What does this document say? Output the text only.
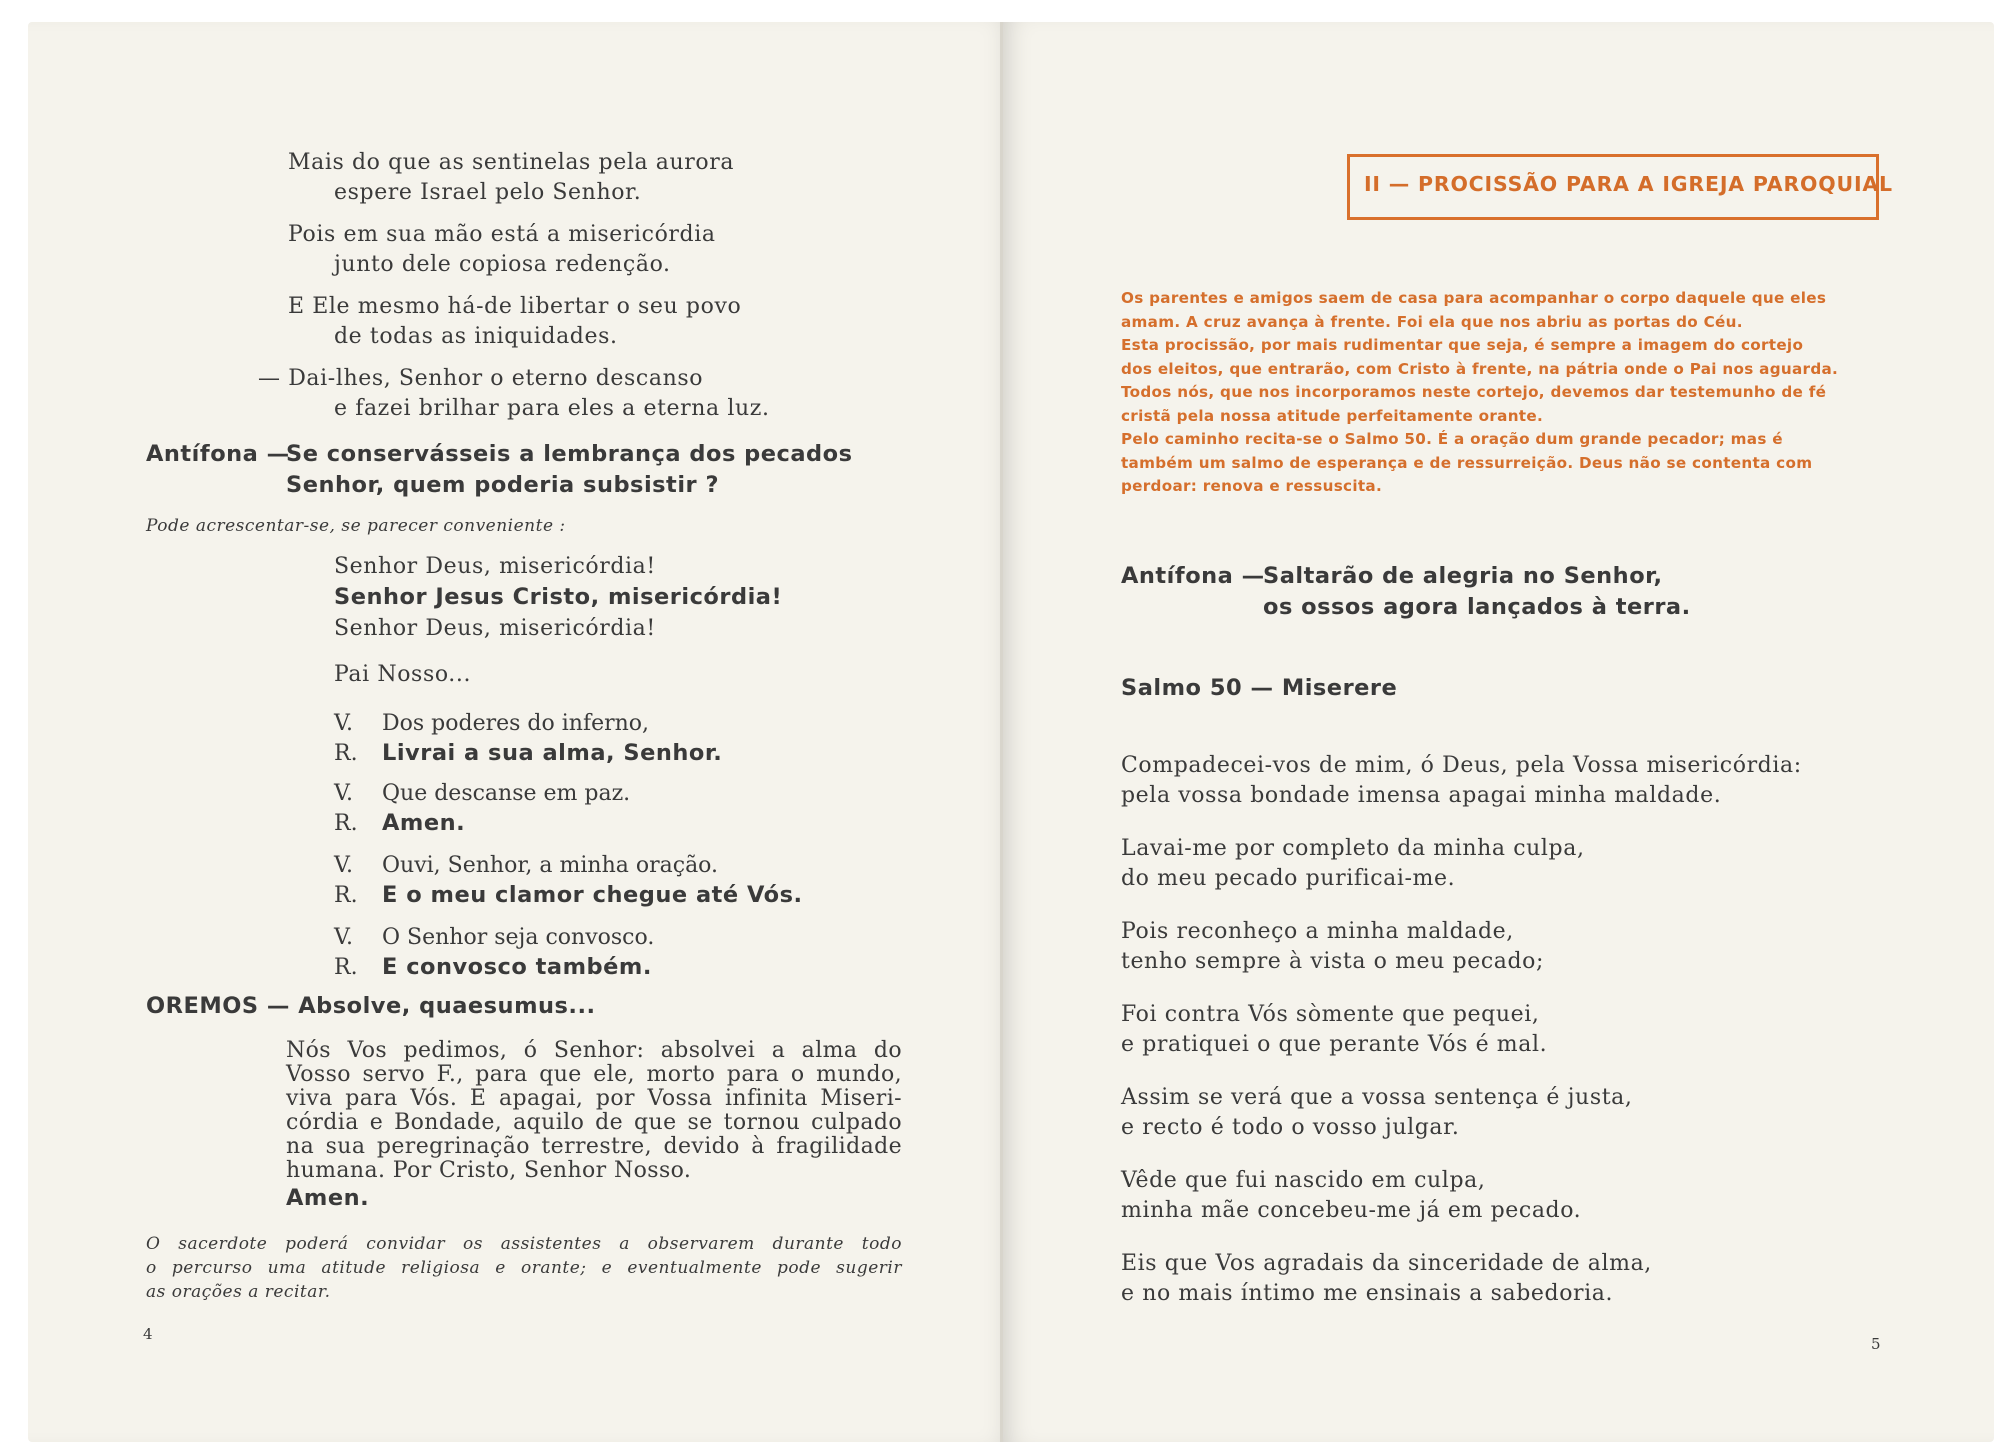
Mais do que as sentinelas pela aurora
espere Israel pelo Senhor.
Pois em sua mão está a misericórdia
junto dele copiosa redenção.
E Ele mesmo há-de libertar o seu povo
de todas as iniquidades.
— Dai-lhes, Senhor o eterno descanso
e fazei brilhar para eles a eterna luz.
Antífona —
Se conservásseis a lembrança dos pecados
Senhor, quem poderia subsistir ?
Pode acrescentar-se, se parecer conveniente :
Senhor Deus, misericórdia!
Senhor Jesus Cristo, misericórdia!
Senhor Deus, misericórdia!
Pai Nosso...
V. Dos poderes do inferno,
R. Livrai a sua alma, Senhor.
V. Que descanse em paz.
R. Amen.
V. Ouvi, Senhor, a minha oração.
R. E o meu clamor chegue até Vós.
V. O Senhor seja convosco.
R. E convosco também.
OREMOS — Absolve, quaesumus...
Nós Vos pedimos, ó Senhor: absolvei a alma do
Vosso servo F., para que ele, morto para o mundo,
viva para Vós. E apagai, por Vossa infinita Miseri-
córdia e Bondade, aquilo de que se tornou culpado
na sua peregrinação terrestre, devido à fragilidade
humana. Por Cristo, Senhor Nosso.
Amen.
O sacerdote poderá convidar os assistentes a observarem durante todo
o percurso uma atitude religiosa e orante; e eventualmente pode sugerir
as orações a recitar.
4
II — PROCISSÃO PARA A IGREJA PAROQUIAL
Os parentes e amigos saem de casa para acompanhar o corpo daquele que eles
amam. A cruz avança à frente. Foi ela que nos abriu as portas do Céu.
Esta procissão, por mais rudimentar que seja, é sempre a imagem do cortejo
dos eleitos, que entrarão, com Cristo à frente, na pátria onde o Pai nos aguarda.
Todos nós, que nos incorporamos neste cortejo, devemos dar testemunho de fé
cristã pela nossa atitude perfeitamente orante.
Pelo caminho recita-se o Salmo 50. É a oração dum grande pecador; mas é
também um salmo de esperança e de ressurreição. Deus não se contenta com
perdoar: renova e ressuscita.
Antífona —
Saltarão de alegria no Senhor,
os ossos agora lançados à terra.
Salmo 50 — Miserere
Compadecei-vos de mim, ó Deus, pela Vossa misericórdia:
pela vossa bondade imensa apagai minha maldade.
Lavai-me por completo da minha culpa,
do meu pecado purificai-me.
Pois reconheço a minha maldade,
tenho sempre à vista o meu pecado;
Foi contra Vós sòmente que pequei,
e pratiquei o que perante Vós é mal.
Assim se verá que a vossa sentença é justa,
e recto é todo o vosso julgar.
Vêde que fui nascido em culpa,
minha mãe concebeu-me já em pecado.
Eis que Vos agradais da sinceridade de alma,
e no mais íntimo me ensinais a sabedoria.
5
